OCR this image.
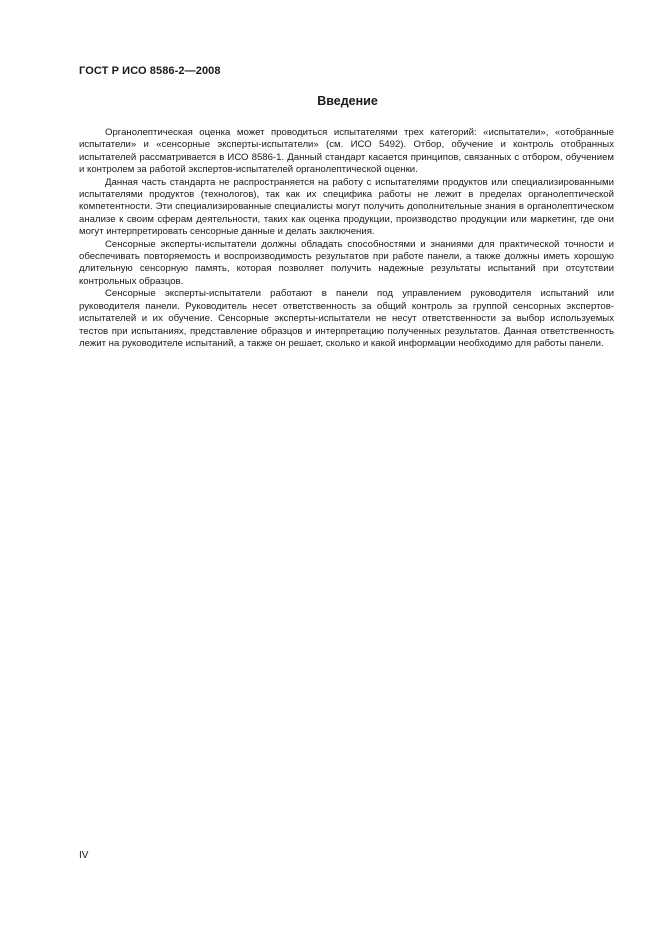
ГОСТ Р ИСО 8586-2—2008
Введение

Органолептическая оценка может проводиться испытателями трех категорий: «испытатели», «отобранные испытатели» и «сенсорные эксперты-испытатели» (см. ИСО 5492). Отбор, обучение и контроль отобранных испытателей рассматривается в ИСО 8586-1. Данный стандарт касается принципов, связанных с отбором, обучением и контролем за работой экспертов-испытателей органолептической оценки.

Данная часть стандарта не распространяется на работу с испытателями продуктов или специализированными испытателями продуктов (технологов), так как их специфика работы не лежит в пределах органолептической компетентности. Эти специализированные специалисты могут получить дополнительные знания в органолептическом анализе к своим сферам деятельности, таких как оценка продукции, производство продукции или маркетинг, где они могут интерпретировать сенсорные данные и делать заключения.

Сенсорные эксперты-испытатели должны обладать способностями и знаниями для практической точности и обеспечивать повторяемость и воспроизводимость результатов при работе панели, а также должны иметь хорошую длительную сенсорную память, которая позволяет получить надежные результаты испытаний при отсутствии контрольных образцов.

Сенсорные эксперты-испытатели работают в панели под управлением руководителя испытаний или руководителя панели. Руководитель несет ответственность за общий контроль за группой сенсорных экспертов-испытателей и их обучение. Сенсорные эксперты-испытатели не несут ответственности за выбор используемых тестов при испытаниях, представление образцов и интерпретацию полученных результатов. Данная ответственность лежит на руководителе испытаний, а также он решает, сколько и какой информации необходимо для работы панели.

IV
